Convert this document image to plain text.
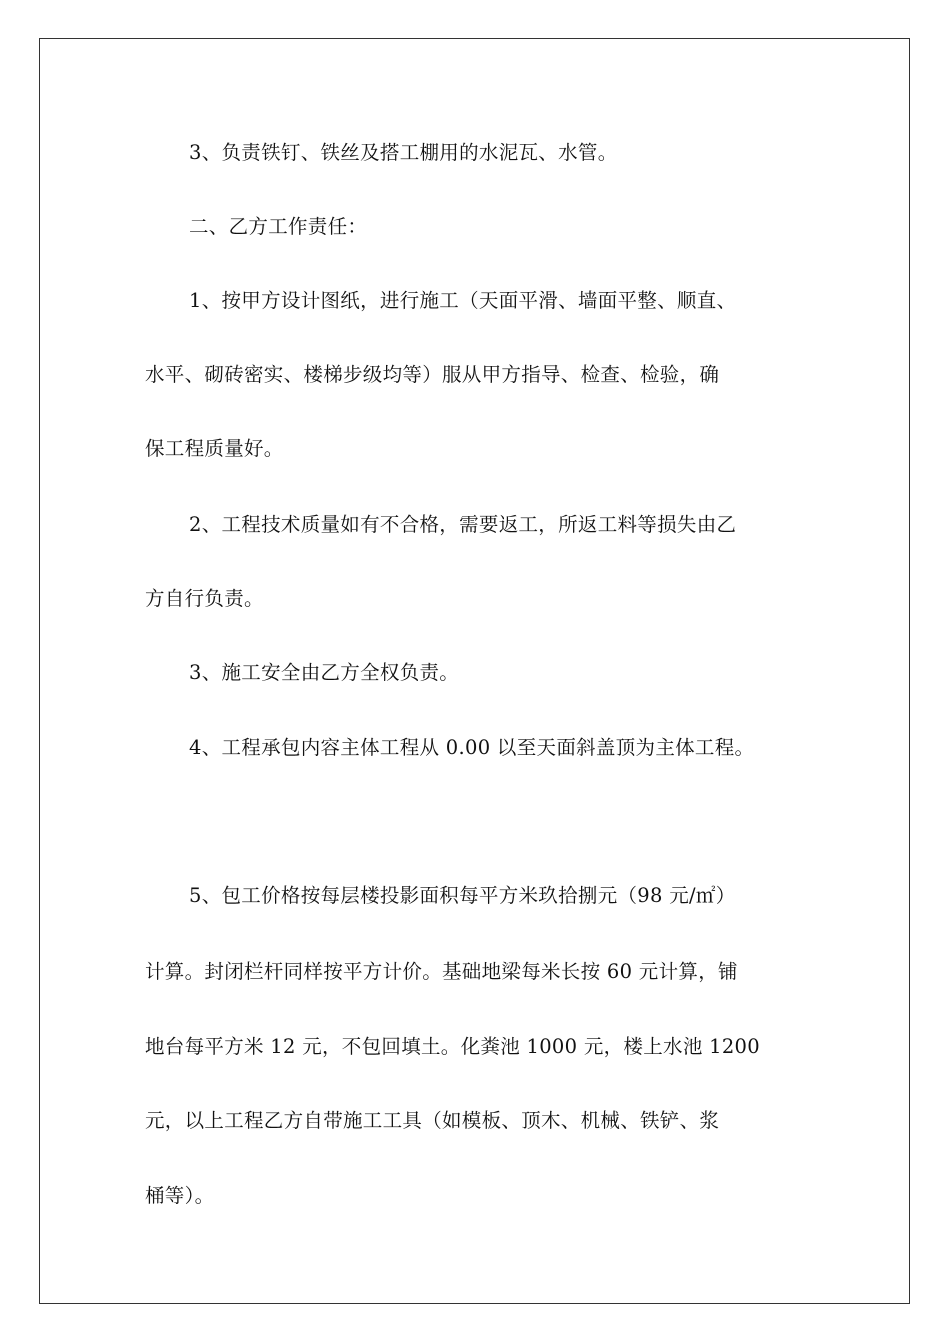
3、负责铁钉、铁丝及搭工棚用的水泥瓦、水管。
二、乙方工作责任：
1、按甲方设计图纸，进行施工（天面平滑、墙面平整、顺直、
水平、砌砖密实、楼梯步级均等）服从甲方指导、检查、检验，确
保工程质量好。
2、工程技术质量如有不合格，需要返工，所返工料等损失由乙
方自行负责。
3、施工安全由乙方全权负责。
4、工程承包内容主体工程从 0.00 以至天面斜盖顶为主体工程。
5、包工价格按每层楼投影面积每平方米玖拾捌元（98 元/㎡）
计算。封闭栏杆同样按平方计价。基础地梁每米长按 60 元计算，铺
地台每平方米 12 元，不包回填土。化粪池 1000 元，楼上水池 1200
元，以上工程乙方自带施工工具（如模板、顶木、机械、铁铲、浆
桶等）。
